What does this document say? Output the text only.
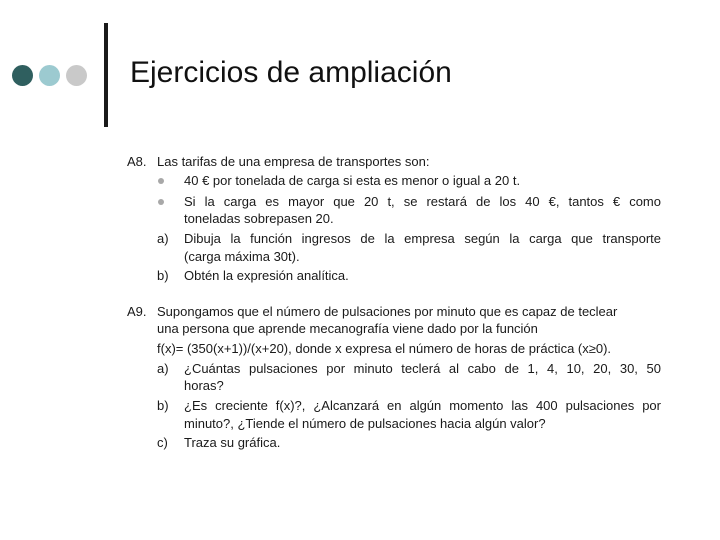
Ejercicios de ampliación
A8. Las tarifas de una empresa de transportes son:
40 € por tonelada de carga si esta es menor o igual a 20 t.
Si la carga es mayor que 20 t, se restará de los 40 €, tantos € como
toneladas sobrepasen 20.
a) Dibuja la función ingresos de la empresa según la carga que transporte
(carga máxima 30t).
b) Obtén la expresión analítica.
A9. Supongamos que el número de pulsaciones por minuto que es capaz de teclear
una persona que aprende mecanografía viene dado por la función
f(x)= (350(x+1))/(x+20), donde x expresa el número de horas de práctica (x≥0).
a) ¿Cuántas pulsaciones por minuto teclerá al cabo de 1, 4, 10, 20, 30, 50
horas?
b) ¿Es creciente f(x)?, ¿Alcanzará en algún momento las 400 pulsaciones por
minuto?, ¿Tiende el número de pulsaciones hacia algún valor?
c) Traza su gráfica.
